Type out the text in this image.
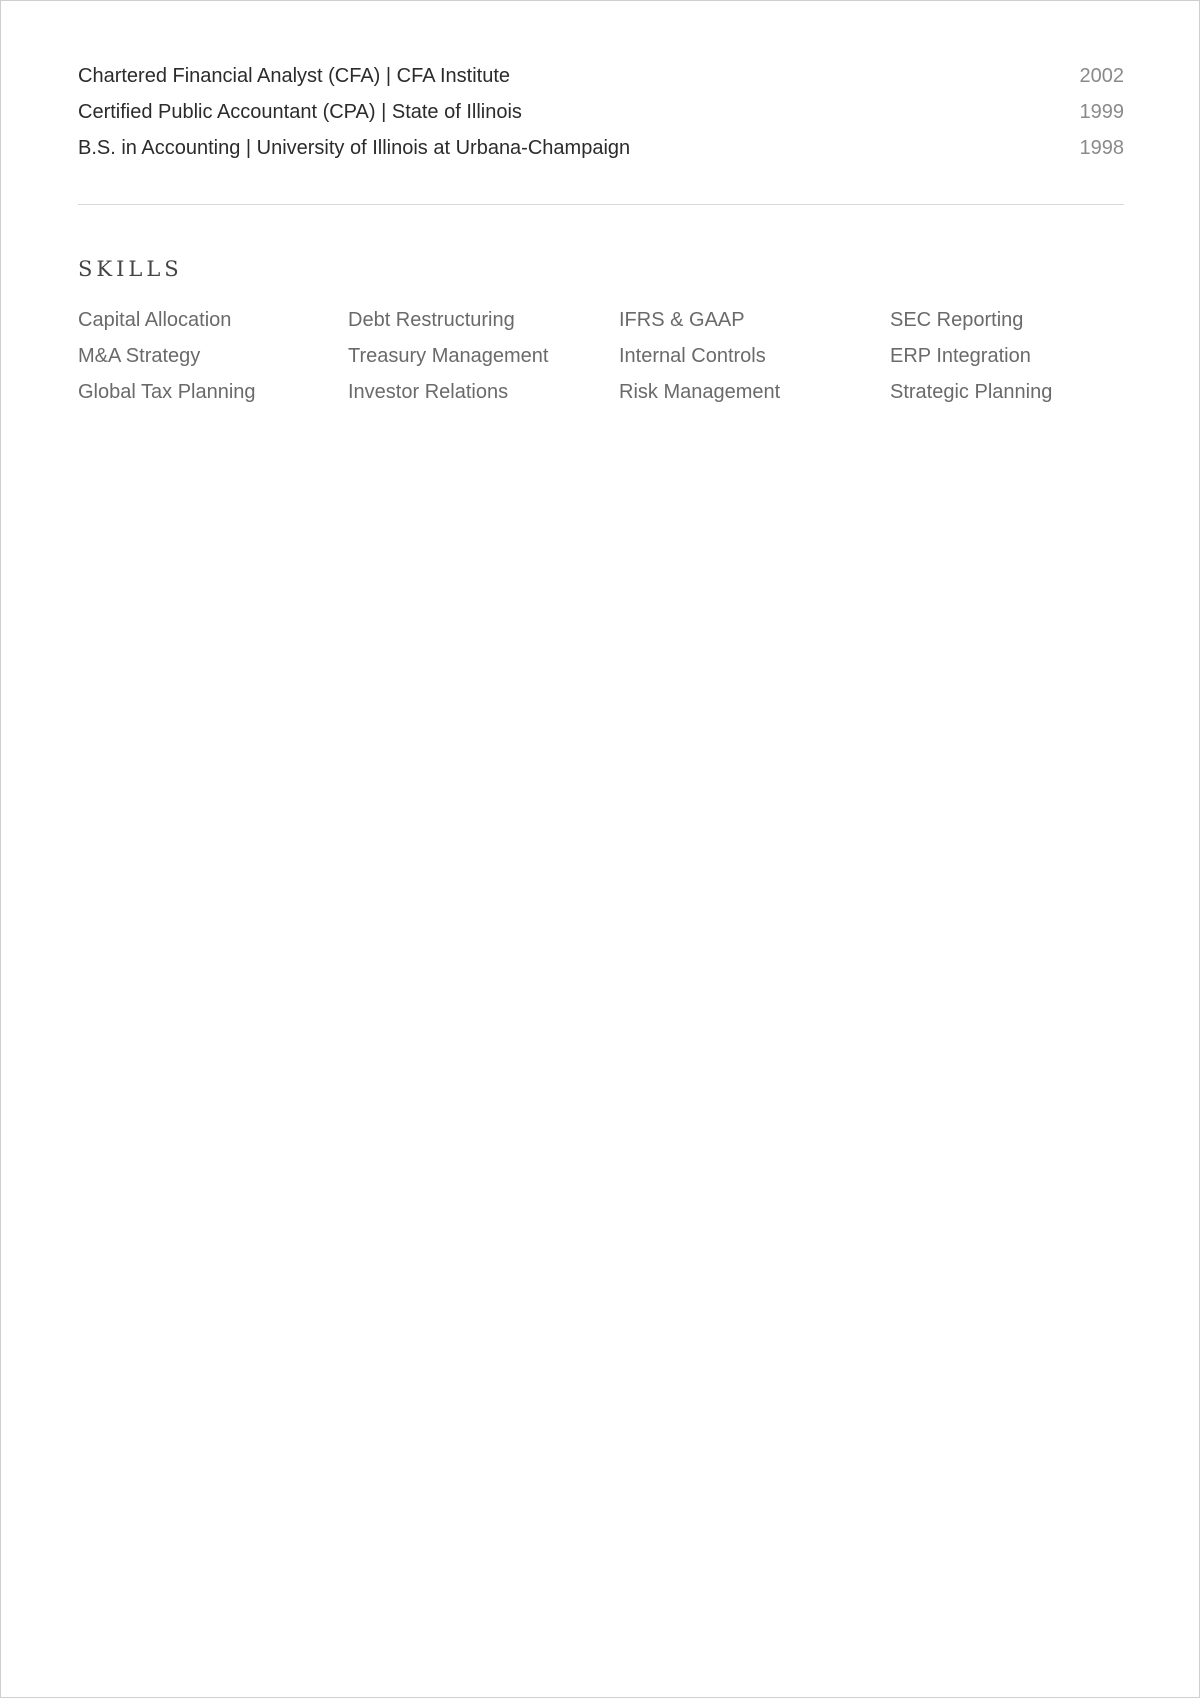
Chartered Financial Analyst (CFA) | CFA Institute	2002
Certified Public Accountant (CPA) | State of Illinois	1999
B.S. in Accounting | University of Illinois at Urbana-Champaign	1998
SKILLS
Capital Allocation	Debt Restructuring	IFRS & GAAP	SEC Reporting
M&A Strategy	Treasury Management	Internal Controls	ERP Integration
Global Tax Planning	Investor Relations	Risk Management	Strategic Planning
